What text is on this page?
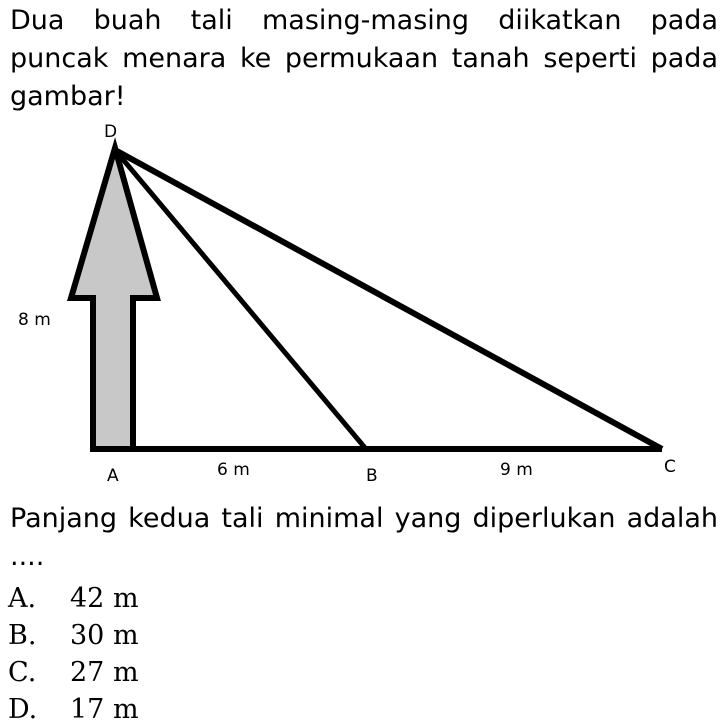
Dua buah tali masing-masing diikatkan pada puncak menara ke permukaan tanah seperti pada gambar!
D
8 m
A	6 m	B	9 m	C
Panjang kedua tali minimal yang diperlukan adalah ....
A. 42 m
B. 30 m
C. 27 m
D. 17 m
